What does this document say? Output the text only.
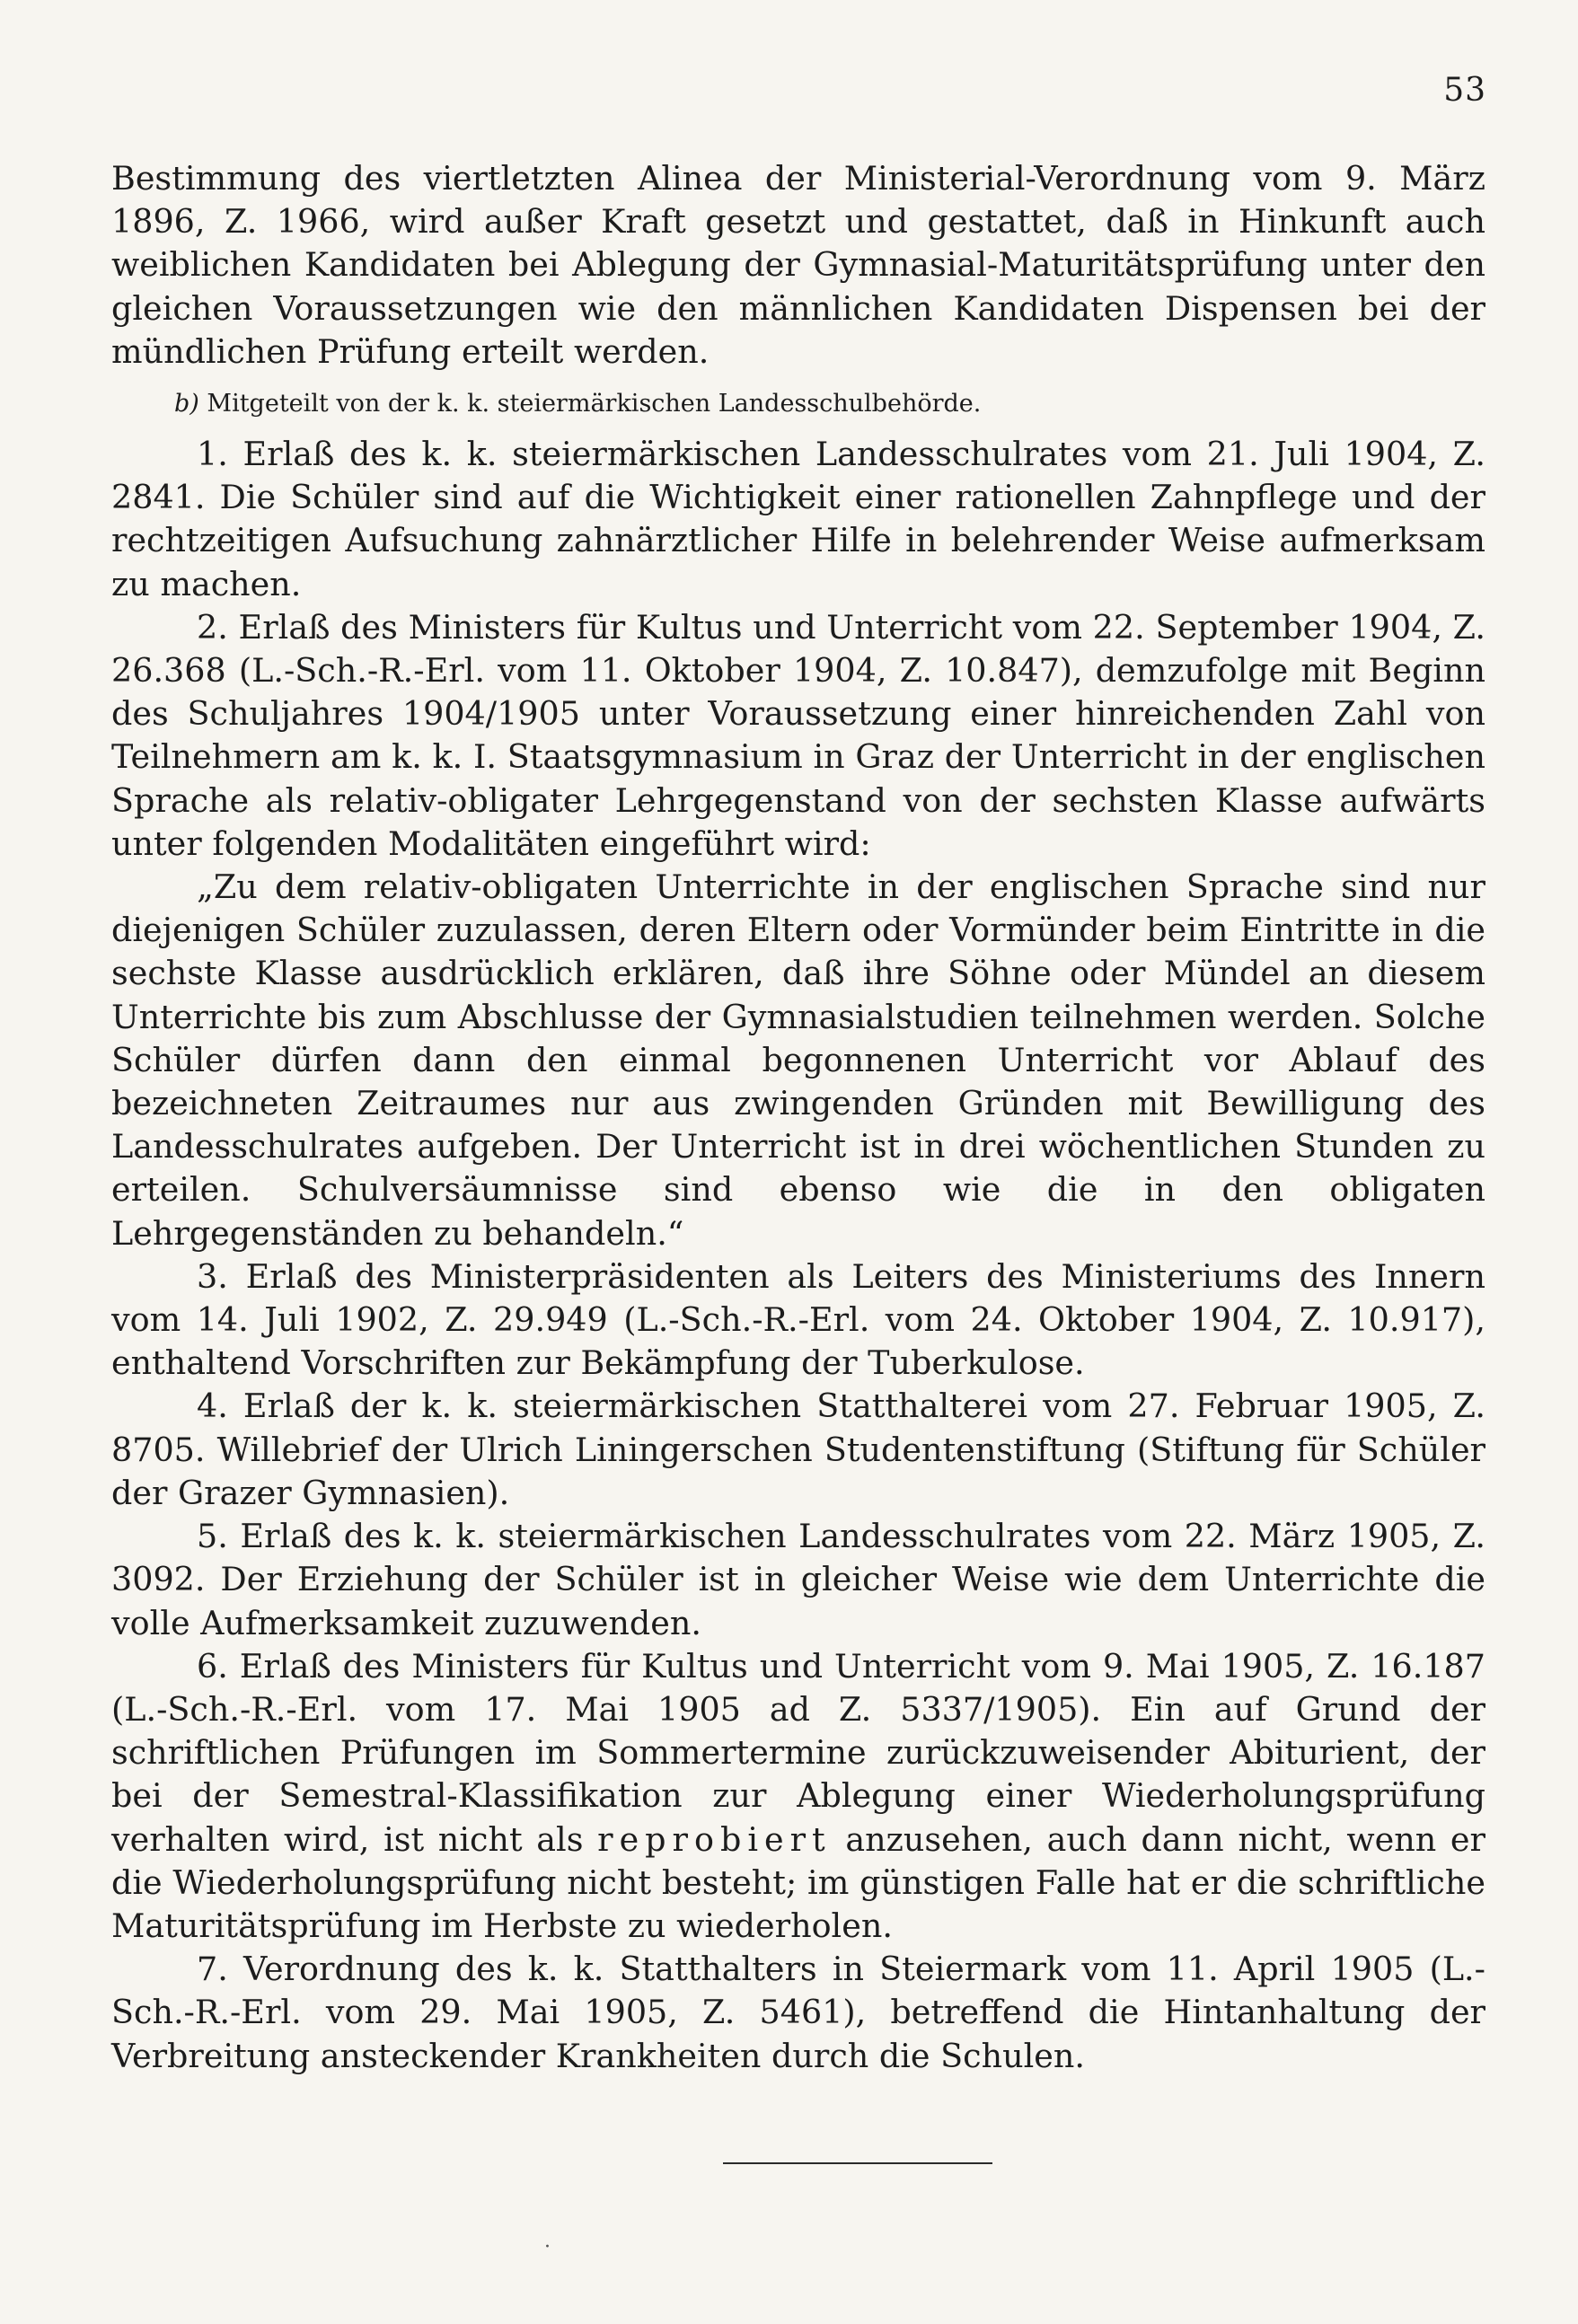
53

Bestimmung des viertletzten Alinea der Ministerial-Verordnung vom 9. März 1896, Z. 1966, wird außer Kraft gesetzt und gestattet, daß in Hinkunft auch weiblichen Kandidaten bei Ablegung der Gymnasial-Maturitätsprüfung unter den gleichen Voraussetzungen wie den männlichen Kandidaten Dispensen bei der mündlichen Prüfung erteilt werden.

b) Mitgeteilt von der k. k. steiermärkischen Landesschulbehörde.

1. Erlaß des k. k. steiermärkischen Landesschulrates vom 21. Juli 1904, Z. 2841. Die Schüler sind auf die Wichtigkeit einer rationellen Zahnpflege und der rechtzeitigen Aufsuchung zahnärztlicher Hilfe in belehrender Weise aufmerksam zu machen.

2. Erlaß des Ministers für Kultus und Unterricht vom 22. September 1904, Z. 26.368 (L.-Sch.-R.-Erl. vom 11. Oktober 1904, Z. 10.847), demzufolge mit Beginn des Schuljahres 1904/1905 unter Voraussetzung einer hinreichenden Zahl von Teilnehmern am k. k. I. Staatsgymnasium in Graz der Unterricht in der englischen Sprache als relativ-obligater Lehrgegenstand von der sechsten Klasse aufwärts unter folgenden Modalitäten eingeführt wird:

„Zu dem relativ-obligaten Unterrichte in der englischen Sprache sind nur diejenigen Schüler zuzulassen, deren Eltern oder Vormünder beim Eintritte in die sechste Klasse ausdrücklich erklären, daß ihre Söhne oder Mündel an diesem Unterrichte bis zum Abschlusse der Gymnasialstudien teilnehmen werden. Solche Schüler dürfen dann den einmal begonnenen Unterricht vor Ablauf des bezeichneten Zeitraumes nur aus zwingenden Gründen mit Bewilligung des Landesschulrates aufgeben. Der Unterricht ist in drei wöchentlichen Stunden zu erteilen. Schulversäumnisse sind ebenso wie die in den obligaten Lehrgegenständen zu behandeln.“

3. Erlaß des Ministerpräsidenten als Leiters des Ministeriums des Innern vom 14. Juli 1902, Z. 29.949 (L.-Sch.-R.-Erl. vom 24. Oktober 1904, Z. 10.917), enthaltend Vorschriften zur Bekämpfung der Tuberkulose.

4. Erlaß der k. k. steiermärkischen Statthalterei vom 27. Februar 1905, Z. 8705. Willebrief der Ulrich Liningerschen Studentenstiftung (Stiftung für Schüler der Grazer Gymnasien).

5. Erlaß des k. k. steiermärkischen Landesschulrates vom 22. März 1905, Z. 3092. Der Erziehung der Schüler ist in gleicher Weise wie dem Unterrichte die volle Aufmerksamkeit zuzuwenden.

6. Erlaß des Ministers für Kultus und Unterricht vom 9. Mai 1905, Z. 16.187 (L.-Sch.-R.-Erl. vom 17. Mai 1905 ad Z. 5337/1905). Ein auf Grund der schriftlichen Prüfungen im Sommertermine zurückzuweisender Abiturient, der bei der Semestral-Klassifikation zur Ablegung einer Wiederholungsprüfung verhalten wird, ist nicht als reprobiert anzusehen, auch dann nicht, wenn er die Wiederholungsprüfung nicht besteht; im günstigen Falle hat er die schriftliche Maturitätsprüfung im Herbste zu wiederholen.

7. Verordnung des k. k. Statthalters in Steiermark vom 11. April 1905 (L.-Sch.-R.-Erl. vom 29. Mai 1905, Z. 5461), betreffend die Hintanhaltung der Verbreitung ansteckender Krankheiten durch die Schulen.

·
